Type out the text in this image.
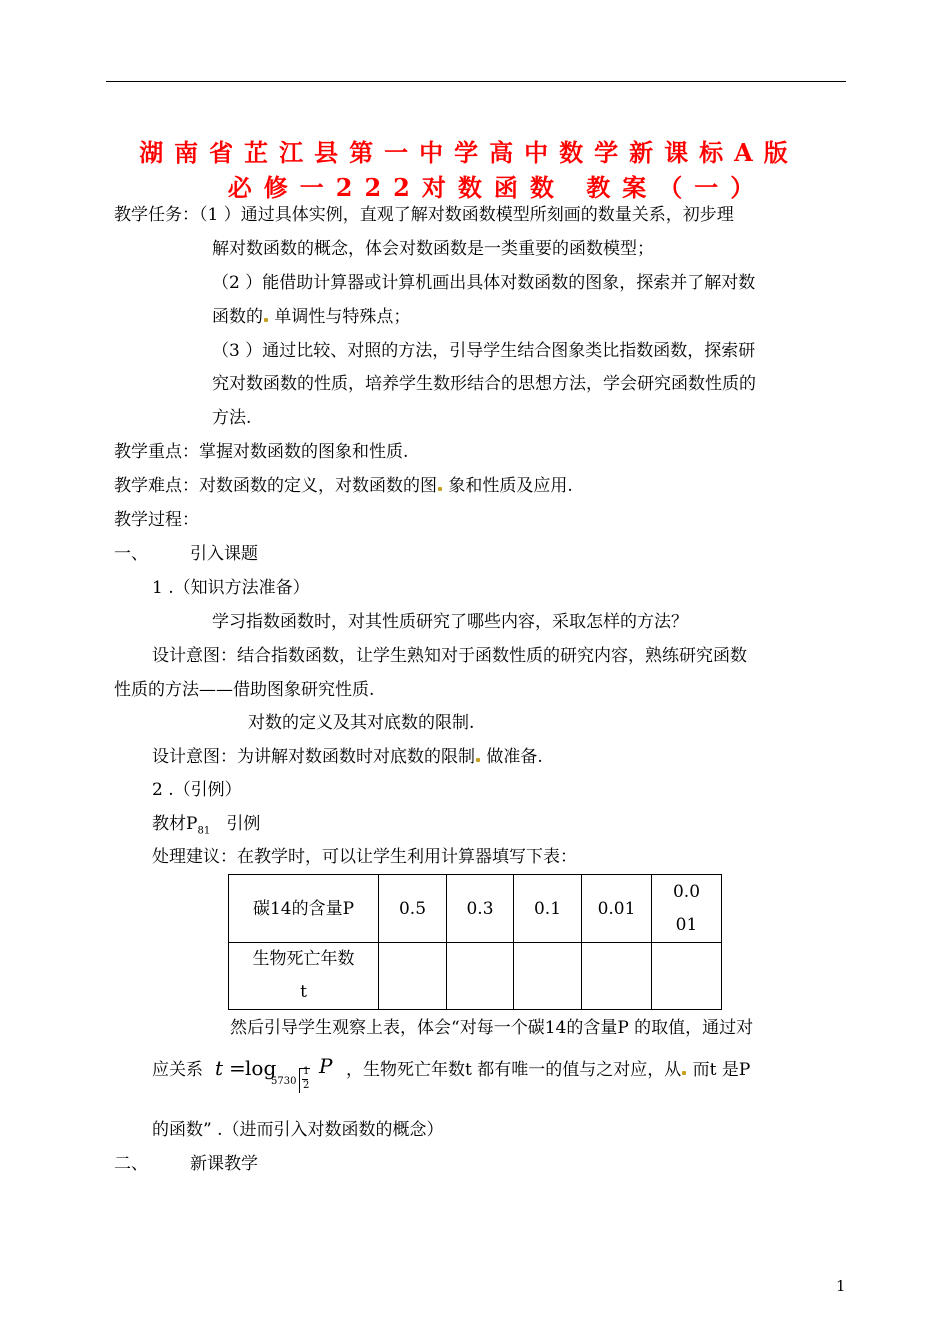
湖南省芷江县第一中学高中数学新课标A版
必修一222对数函数 教案（一）
教学任务：（1 ）通过具体实例，直观了解对数函数模型所刻画的数量关系，初步理
解对数函数的概念，体会对数函数是一类重要的函数模型；
（2 ）能借助计算器或计算机画出具体对数函数的图象，探索并了解对数
函数的 单调性与特殊点；
（3 ）通过比较、对照的方法，引导学生结合图象类比指数函数，探索研
究对数函数的性质，培养学生数形结合的思想方法，学会研究函数性质的
方法.
教学重点：掌握对数函数的图象和性质.
教学难点：对数函数的定义，对数函数的图 象和性质及应用.
教学过程：
一、 引入课题
1 .（知识方法准备）
学习指数函数时，对其性质研究了哪些内容，采取怎样的方法？
设计意图：结合指数函数，让学生熟知对于函数性质的研究内容，熟练研究函数
性质的方法——借助图象研究性质.
对数的定义及其对底数的限制.
设计意图：为讲解对数函数时对底数的限制 做准备.
2 .（引例）
教材$P_{81}$ 引例
处理建议：在教学时，可以让学生利用计算器填写下表：
碳14的含量P	0.5	0.3	0.1	0.01	0.0
01

生物死亡年数
t					

然后引导学生观察上表，体会“对每一个碳14的含量P 的取值，通过对
应关系 t = log
5730
1
2
P ，生物死亡年数t 都有唯一的值与之对应，从 而t 是P
的函数” .（进而引入对数函数的概念）
二、 新课教学
1
